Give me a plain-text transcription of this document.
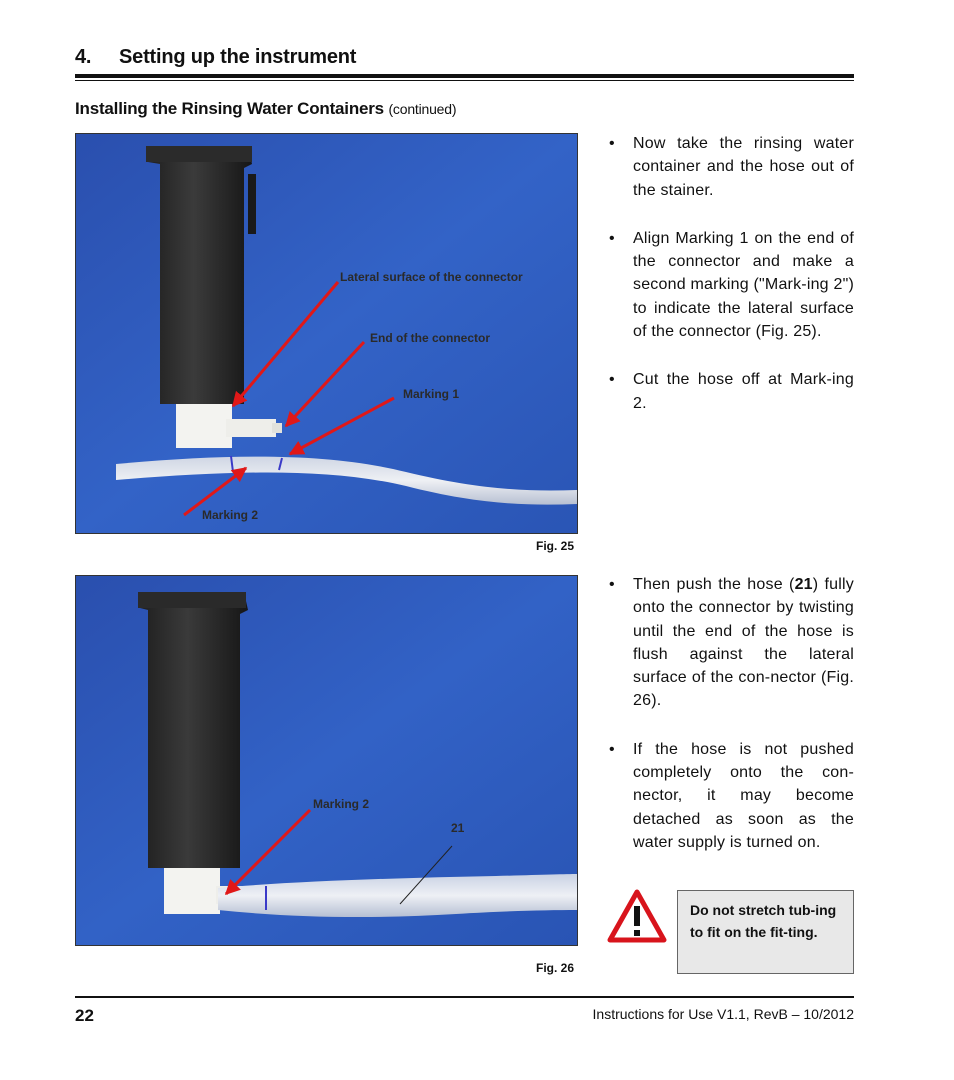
4. Setting up the instrument
Installing the Rinsing Water Containers (continued)
Lateral surface of the connector
End of the connector
Marking 1
Marking 2
Fig. 25
Marking 2
21
Fig. 26
• Now take the rinsing water container and the hose out of the stainer.
• Align Marking 1 on the end of the connector and make a second marking ("Mark-ing 2") to indicate the lateral surface of the connector (Fig. 25).
• Cut the hose off at Mark-ing 2.
• Then push the hose (21) fully onto the connector by twisting until the end of the hose is flush against the lateral surface of the con-nector (Fig. 26).
• If the hose is not pushed completely onto the con-nector, it may become detached as soon as the water supply is turned on.
Do not stretch tub-ing to fit on the fit-ting.
22	Instructions for Use V1.1, RevB – 10/2012
